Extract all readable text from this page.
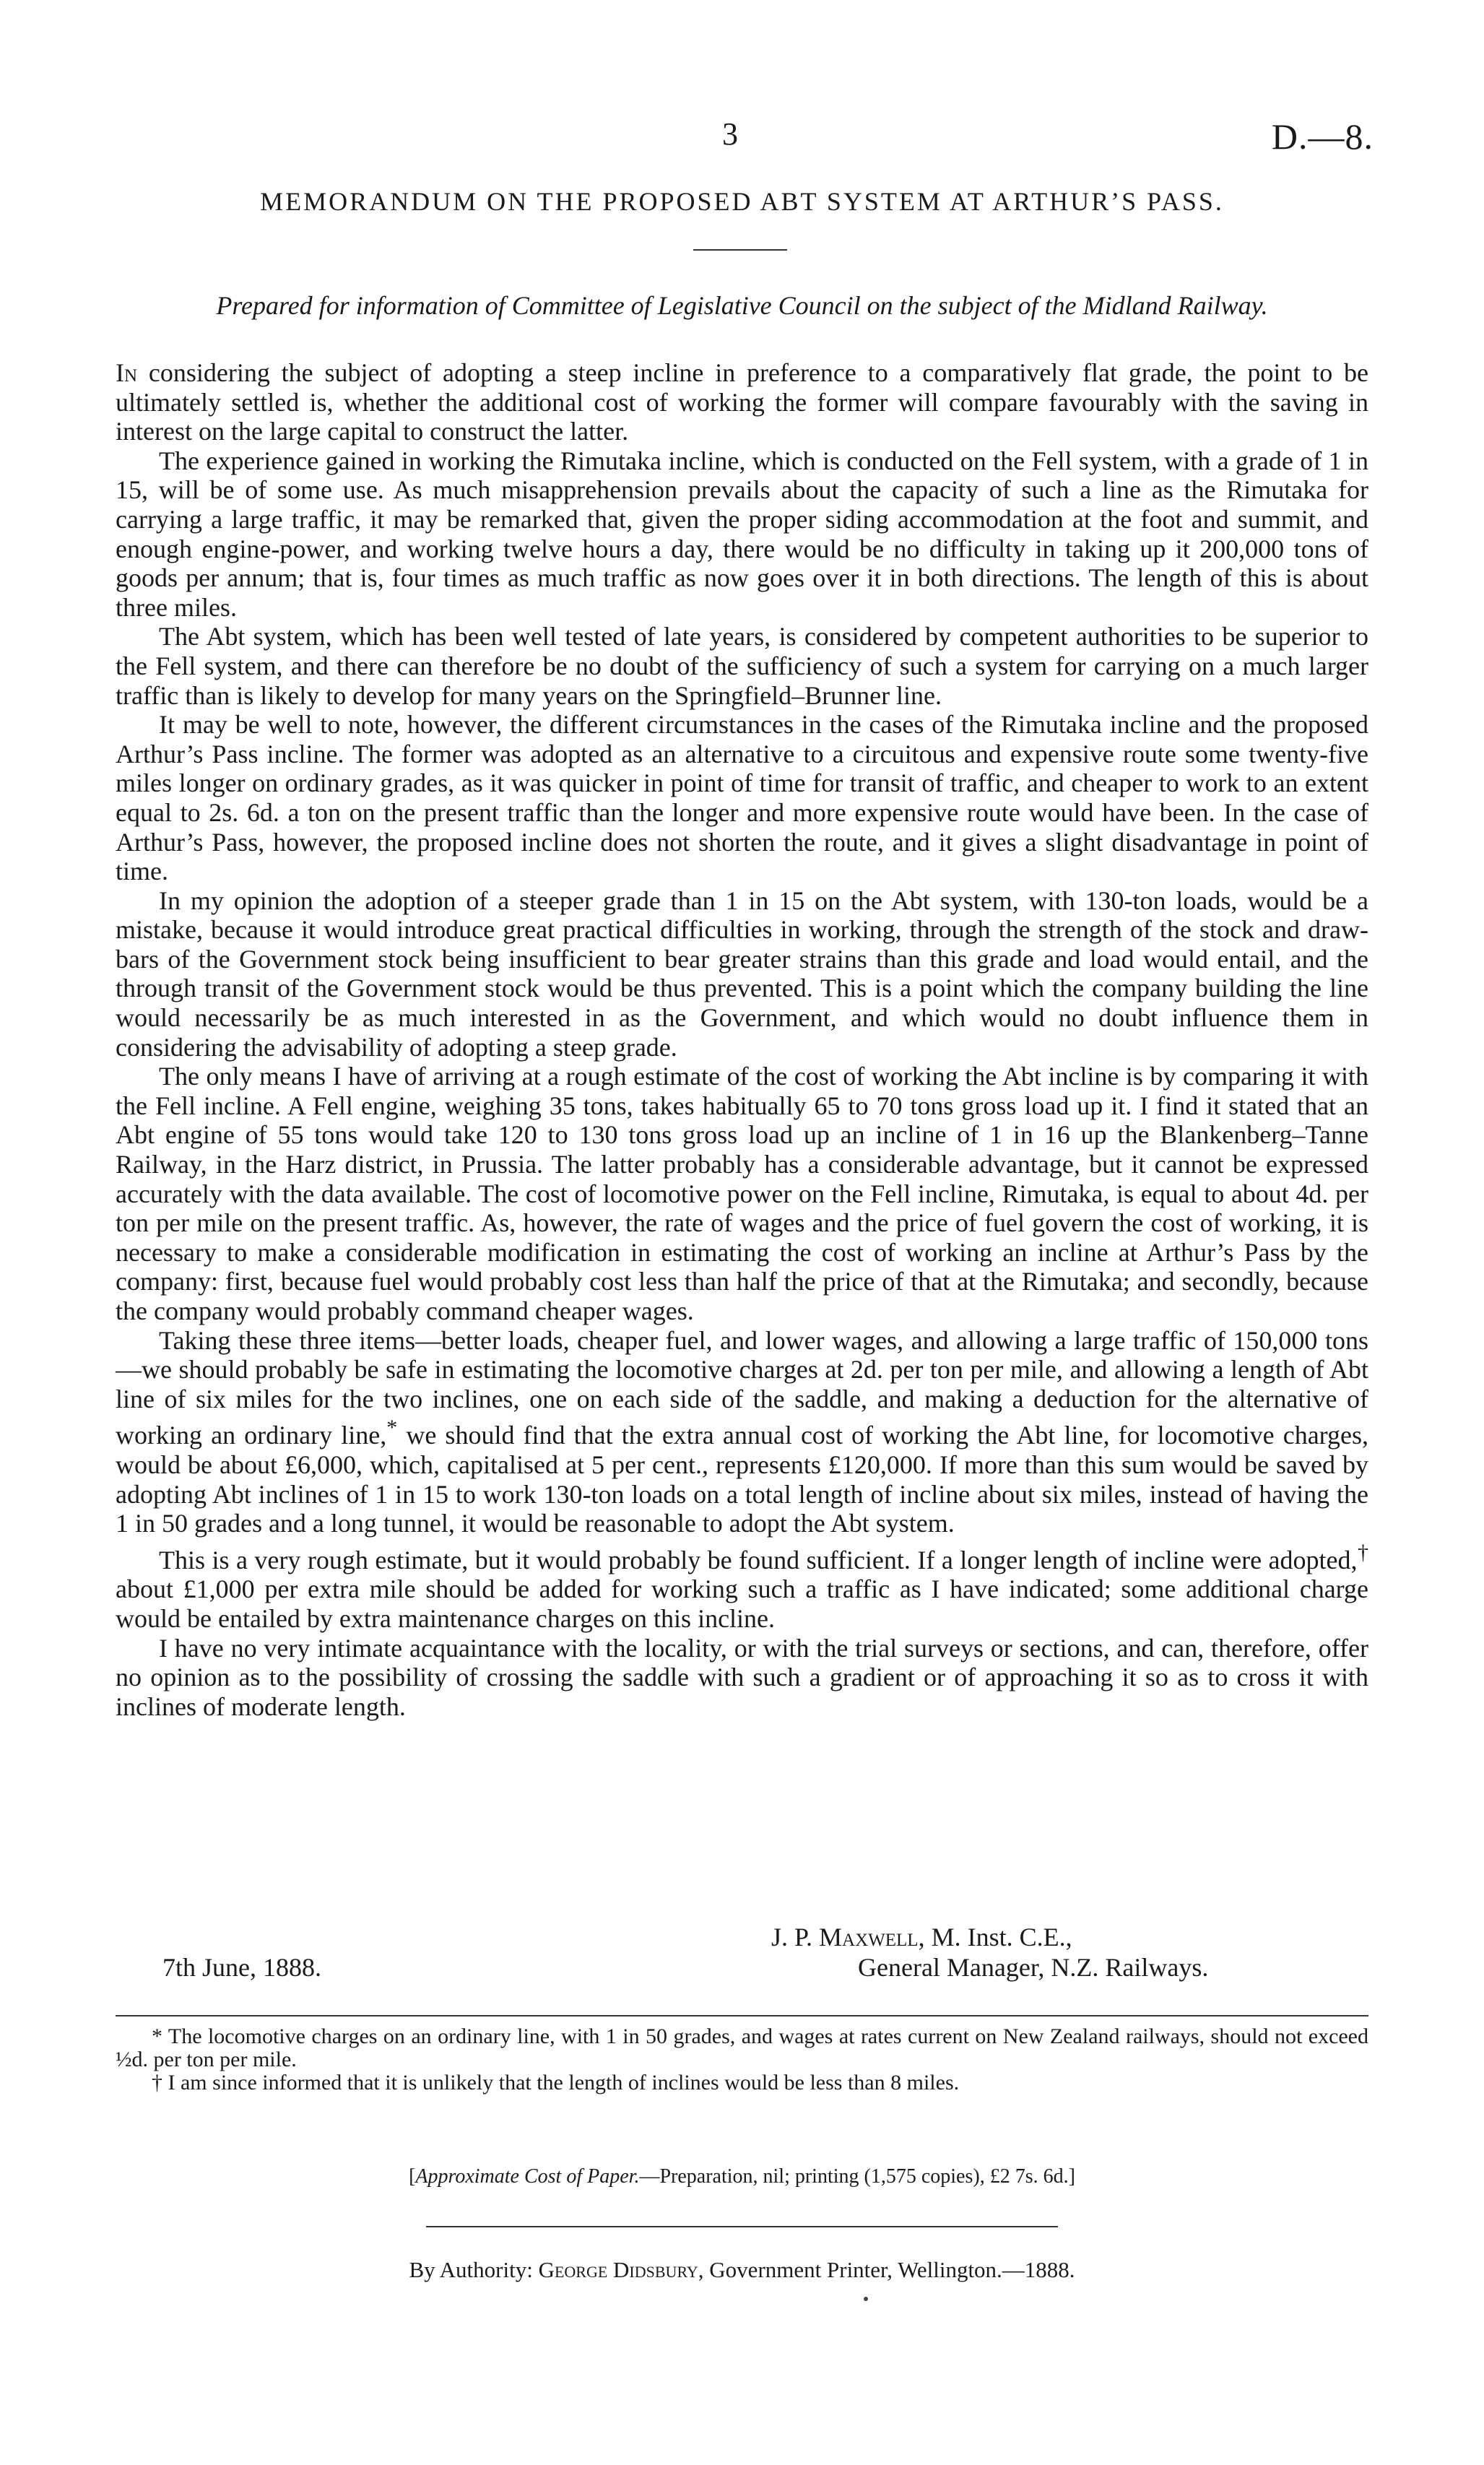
3	D.—8.
MEMORANDUM ON THE PROPOSED ABT SYSTEM AT ARTHUR’S PASS.
Prepared for information of Committee of Legislative Council on the subject of the Midland Railway.

In considering the subject of adopting a steep incline in preference to a comparatively flat grade, the point to be ultimately settled is, whether the additional cost of working the former will compare favourably with the saving in interest on the large capital to construct the latter.

The experience gained in working the Rimutaka incline, which is conducted on the Fell system, with a grade of 1 in 15, will be of some use. As much misapprehension prevails about the capacity of such a line as the Rimutaka for carrying a large traffic, it may be remarked that, given the proper siding accommodation at the foot and summit, and enough engine-power, and working twelve hours a day, there would be no difficulty in taking up it 200,000 tons of goods per annum; that is, four times as much traffic as now goes over it in both directions. The length of this is about three miles.

The Abt system, which has been well tested of late years, is considered by competent authorities to be superior to the Fell system, and there can therefore be no doubt of the sufficiency of such a system for carrying on a much larger traffic than is likely to develop for many years on the Springfield–Brunner line.

It may be well to note, however, the different circumstances in the cases of the Rimutaka incline and the proposed Arthur’s Pass incline. The former was adopted as an alternative to a circuitous and expensive route some twenty-five miles longer on ordinary grades, as it was quicker in point of time for transit of traffic, and cheaper to work to an extent equal to 2s. 6d. a ton on the present traffic than the longer and more expensive route would have been. In the case of Arthur’s Pass, however, the proposed incline does not shorten the route, and it gives a slight disadvantage in point of time.

In my opinion the adoption of a steeper grade than 1 in 15 on the Abt system, with 130-ton loads, would be a mistake, because it would introduce great practical difficulties in working, through the strength of the stock and draw-bars of the Government stock being insufficient to bear greater strains than this grade and load would entail, and the through transit of the Government stock would be thus prevented. This is a point which the company building the line would necessarily be as much interested in as the Government, and which would no doubt influence them in considering the advisability of adopting a steep grade.

The only means I have of arriving at a rough estimate of the cost of working the Abt incline is by comparing it with the Fell incline. A Fell engine, weighing 35 tons, takes habitually 65 to 70 tons gross load up it. I find it stated that an Abt engine of 55 tons would take 120 to 130 tons gross load up an incline of 1 in 16 up the Blankenberg–Tanne Railway, in the Harz district, in Prussia. The latter probably has a considerable advantage, but it cannot be expressed accurately with the data available. The cost of locomotive power on the Fell incline, Rimutaka, is equal to about 4d. per ton per mile on the present traffic. As, however, the rate of wages and the price of fuel govern the cost of working, it is necessary to make a considerable modification in estimating the cost of working an incline at Arthur’s Pass by the company: first, because fuel would probably cost less than half the price of that at the Rimutaka; and secondly, because the company would probably command cheaper wages.

Taking these three items—better loads, cheaper fuel, and lower wages, and allowing a large traffic of 150,000 tons—we should probably be safe in estimating the locomotive charges at 2d. per ton per mile, and allowing a length of Abt line of six miles for the two inclines, one on each side of the saddle, and making a deduction for the alternative of working an ordinary line,* we should find that the extra annual cost of working the Abt line, for locomotive charges, would be about £6,000, which, capitalised at 5 per cent., represents £120,000. If more than this sum would be saved by adopting Abt inclines of 1 in 15 to work 130-ton loads on a total length of incline about six miles, instead of having the 1 in 50 grades and a long tunnel, it would be reasonable to adopt the Abt system.

This is a very rough estimate, but it would probably be found sufficient. If a longer length of incline were adopted,† about £1,000 per extra mile should be added for working such a traffic as I have indicated; some additional charge would be entailed by extra maintenance charges on this incline.

I have no very intimate acquaintance with the locality, or with the trial surveys or sections, and can, therefore, offer no opinion as to the possibility of crossing the saddle with such a gradient or of approaching it so as to cross it with inclines of moderate length.

J. P. Maxwell, M. Inst. C.E.,
7th June, 1888.	General Manager, N.Z. Railways.

* The locomotive charges on an ordinary line, with 1 in 50 grades, and wages at rates current on New Zealand railways, should not exceed ½d. per ton per mile.

† I am since informed that it is unlikely that the length of inclines would be less than 8 miles.

[Approximate Cost of Paper.—Preparation, nil; printing (1,575 copies), £2 7s. 6d.]
By Authority: George Didsbury, Government Printer, Wellington.—1888.
